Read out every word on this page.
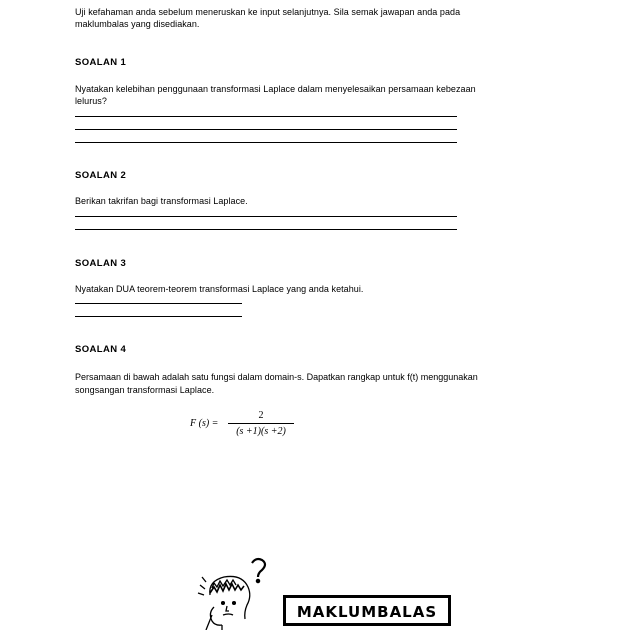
Uji kefahaman anda sebelum meneruskan ke input selanjutnya. Sila semak jawapan anda pada
maklumbalas yang disediakan.
SOALAN 1
Nyatakan kelebihan penggunaan transformasi Laplace dalam menyelesaikan persamaan kebezaan
lelurus?
SOALAN 2
Berikan takrifan bagi transformasi Laplace.
SOALAN 3
Nyatakan DUA teorem-teorem transformasi Laplace yang anda ketahui.
SOALAN 4
Persamaan di bawah adalah satu fungsi dalam domain-s. Dapatkan rangkap untuk f(t) menggunakan
songsangan transformasi Laplace.
F (s) =
2
(s +1)(s +2)
MAKLUMBALAS
